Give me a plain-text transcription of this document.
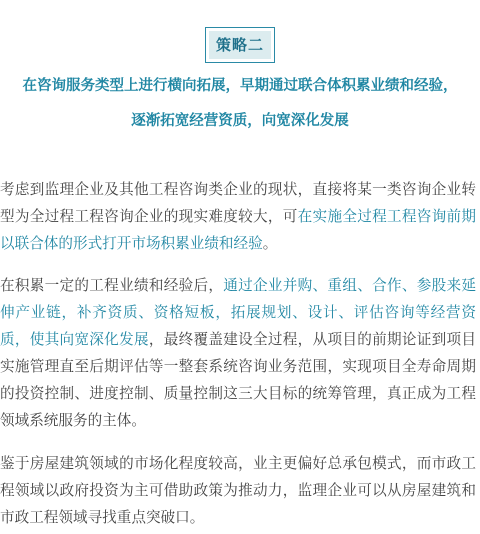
策略二
在咨询服务类型上进行横向拓展，早期通过联合体积累业绩和经验，
逐渐拓宽经营资质，向宽深化发展
考虑到监理企业及其他工程咨询类企业的现状，直接将某一类咨询企业转型为全过程工程咨询企业的现实难度较大，可在实施全过程工程咨询前期以联合体的形式打开市场积累业绩和经验。
在积累一定的工程业绩和经验后，通过企业并购、重组、合作、参股来延伸产业链，补齐资质、资格短板，拓展规划、设计、评估咨询等经营资质，使其向宽深化发展，最终覆盖建设全过程，从项目的前期论证到项目实施管理直至后期评估等一整套系统咨询业务范围，实现项目全寿命周期的投资控制、进度控制、质量控制这三大目标的统筹管理，真正成为工程领域系统服务的主体。
鉴于房屋建筑领域的市场化程度较高，业主更偏好总承包模式，而市政工程领域以政府投资为主可借助政策为推动力，监理企业可以从房屋建筑和市政工程领域寻找重点突破口。
